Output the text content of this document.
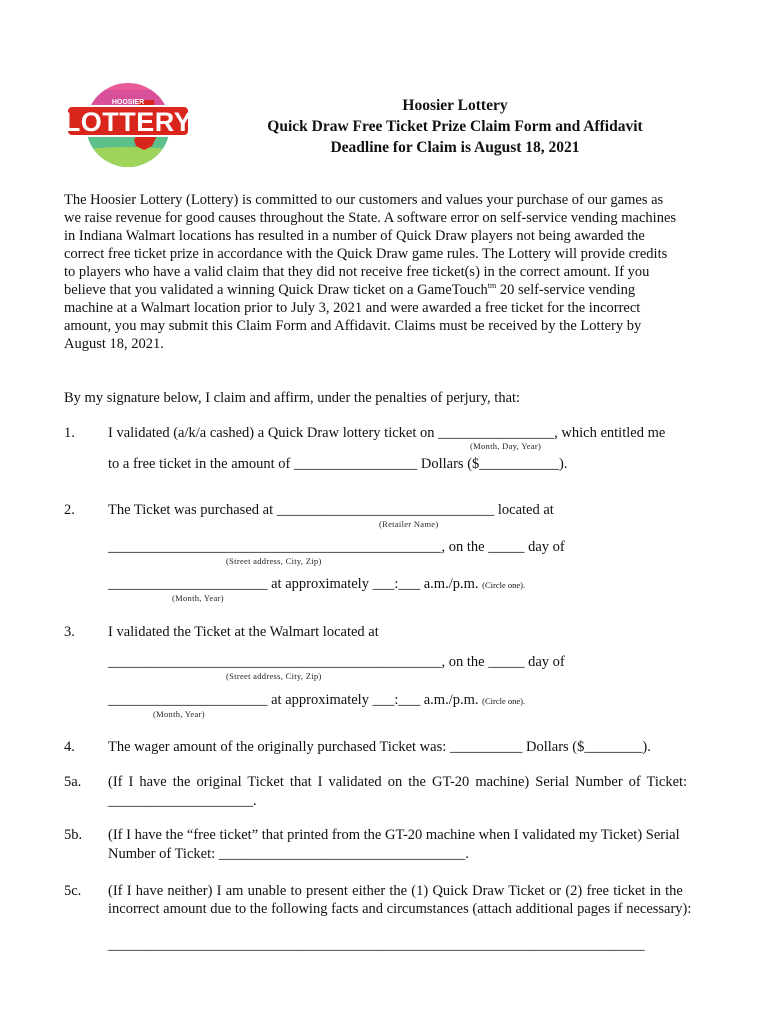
HOOSIER
LOTTERY
Hoosier Lottery
Quick Draw Free Ticket Prize Claim Form and Affidavit
Deadline for Claim is August 18, 2021

The Hoosier Lottery (Lottery) is committed to our customers and values your purchase of our games as

we raise revenue for good causes throughout the State. A software error on self-service vending machines

in Indiana Walmart locations has resulted in a number of Quick Draw players not being awarded the

correct free ticket prize in accordance with the Quick Draw game rules. The Lottery will provide credits

to players who have a valid claim that they did not receive free ticket(s) in the correct amount. If you

believe that you validated a winning Quick Draw ticket on a GameTouch$^{tm}$ 20 self-service vending

machine at a Walmart location prior to July 3, 2021 and were awarded a free ticket for the incorrect

amount, you may submit this Claim Form and Affidavit. Claims must be received by the Lottery by

August 18, 2021.

By my signature below, I claim and affirm, under the penalties of perjury, that:
1. I validated (a/k/a cashed) a Quick Draw lottery ticket on ________________, which entitled me
(Month, Day, Year)
to a free ticket in the amount of _________________ Dollars ($___________).
2. The Ticket was purchased at ______________________________ located at
(Retailer Name)
______________________________________________, on the _____ day of
(Street address, City, Zip)
______________________ at approximately ___:___ a.m./p.m. (Circle one).
(Month, Year)
3. I validated the Ticket at the Walmart located at
______________________________________________, on the _____ day of
(Street address, City, Zip)
______________________ at approximately ___:___ a.m./p.m. (Circle one).
(Month, Year)
4. The wager amount of the originally purchased Ticket was: __________ Dollars ($________).
5a. (If I have the original Ticket that I validated on the GT-20 machine) Serial Number of Ticket:
____________________.
5b. (If I have the “free ticket” that printed from the GT-20 machine when I validated my Ticket) Serial
Number of Ticket: __________________________________.
5c. (If I have neither) I am unable to present either the (1) Quick Draw Ticket or (2) free ticket in the
incorrect amount due to the following facts and circumstances (attach additional pages if necessary):
__________________________________________________________________________
